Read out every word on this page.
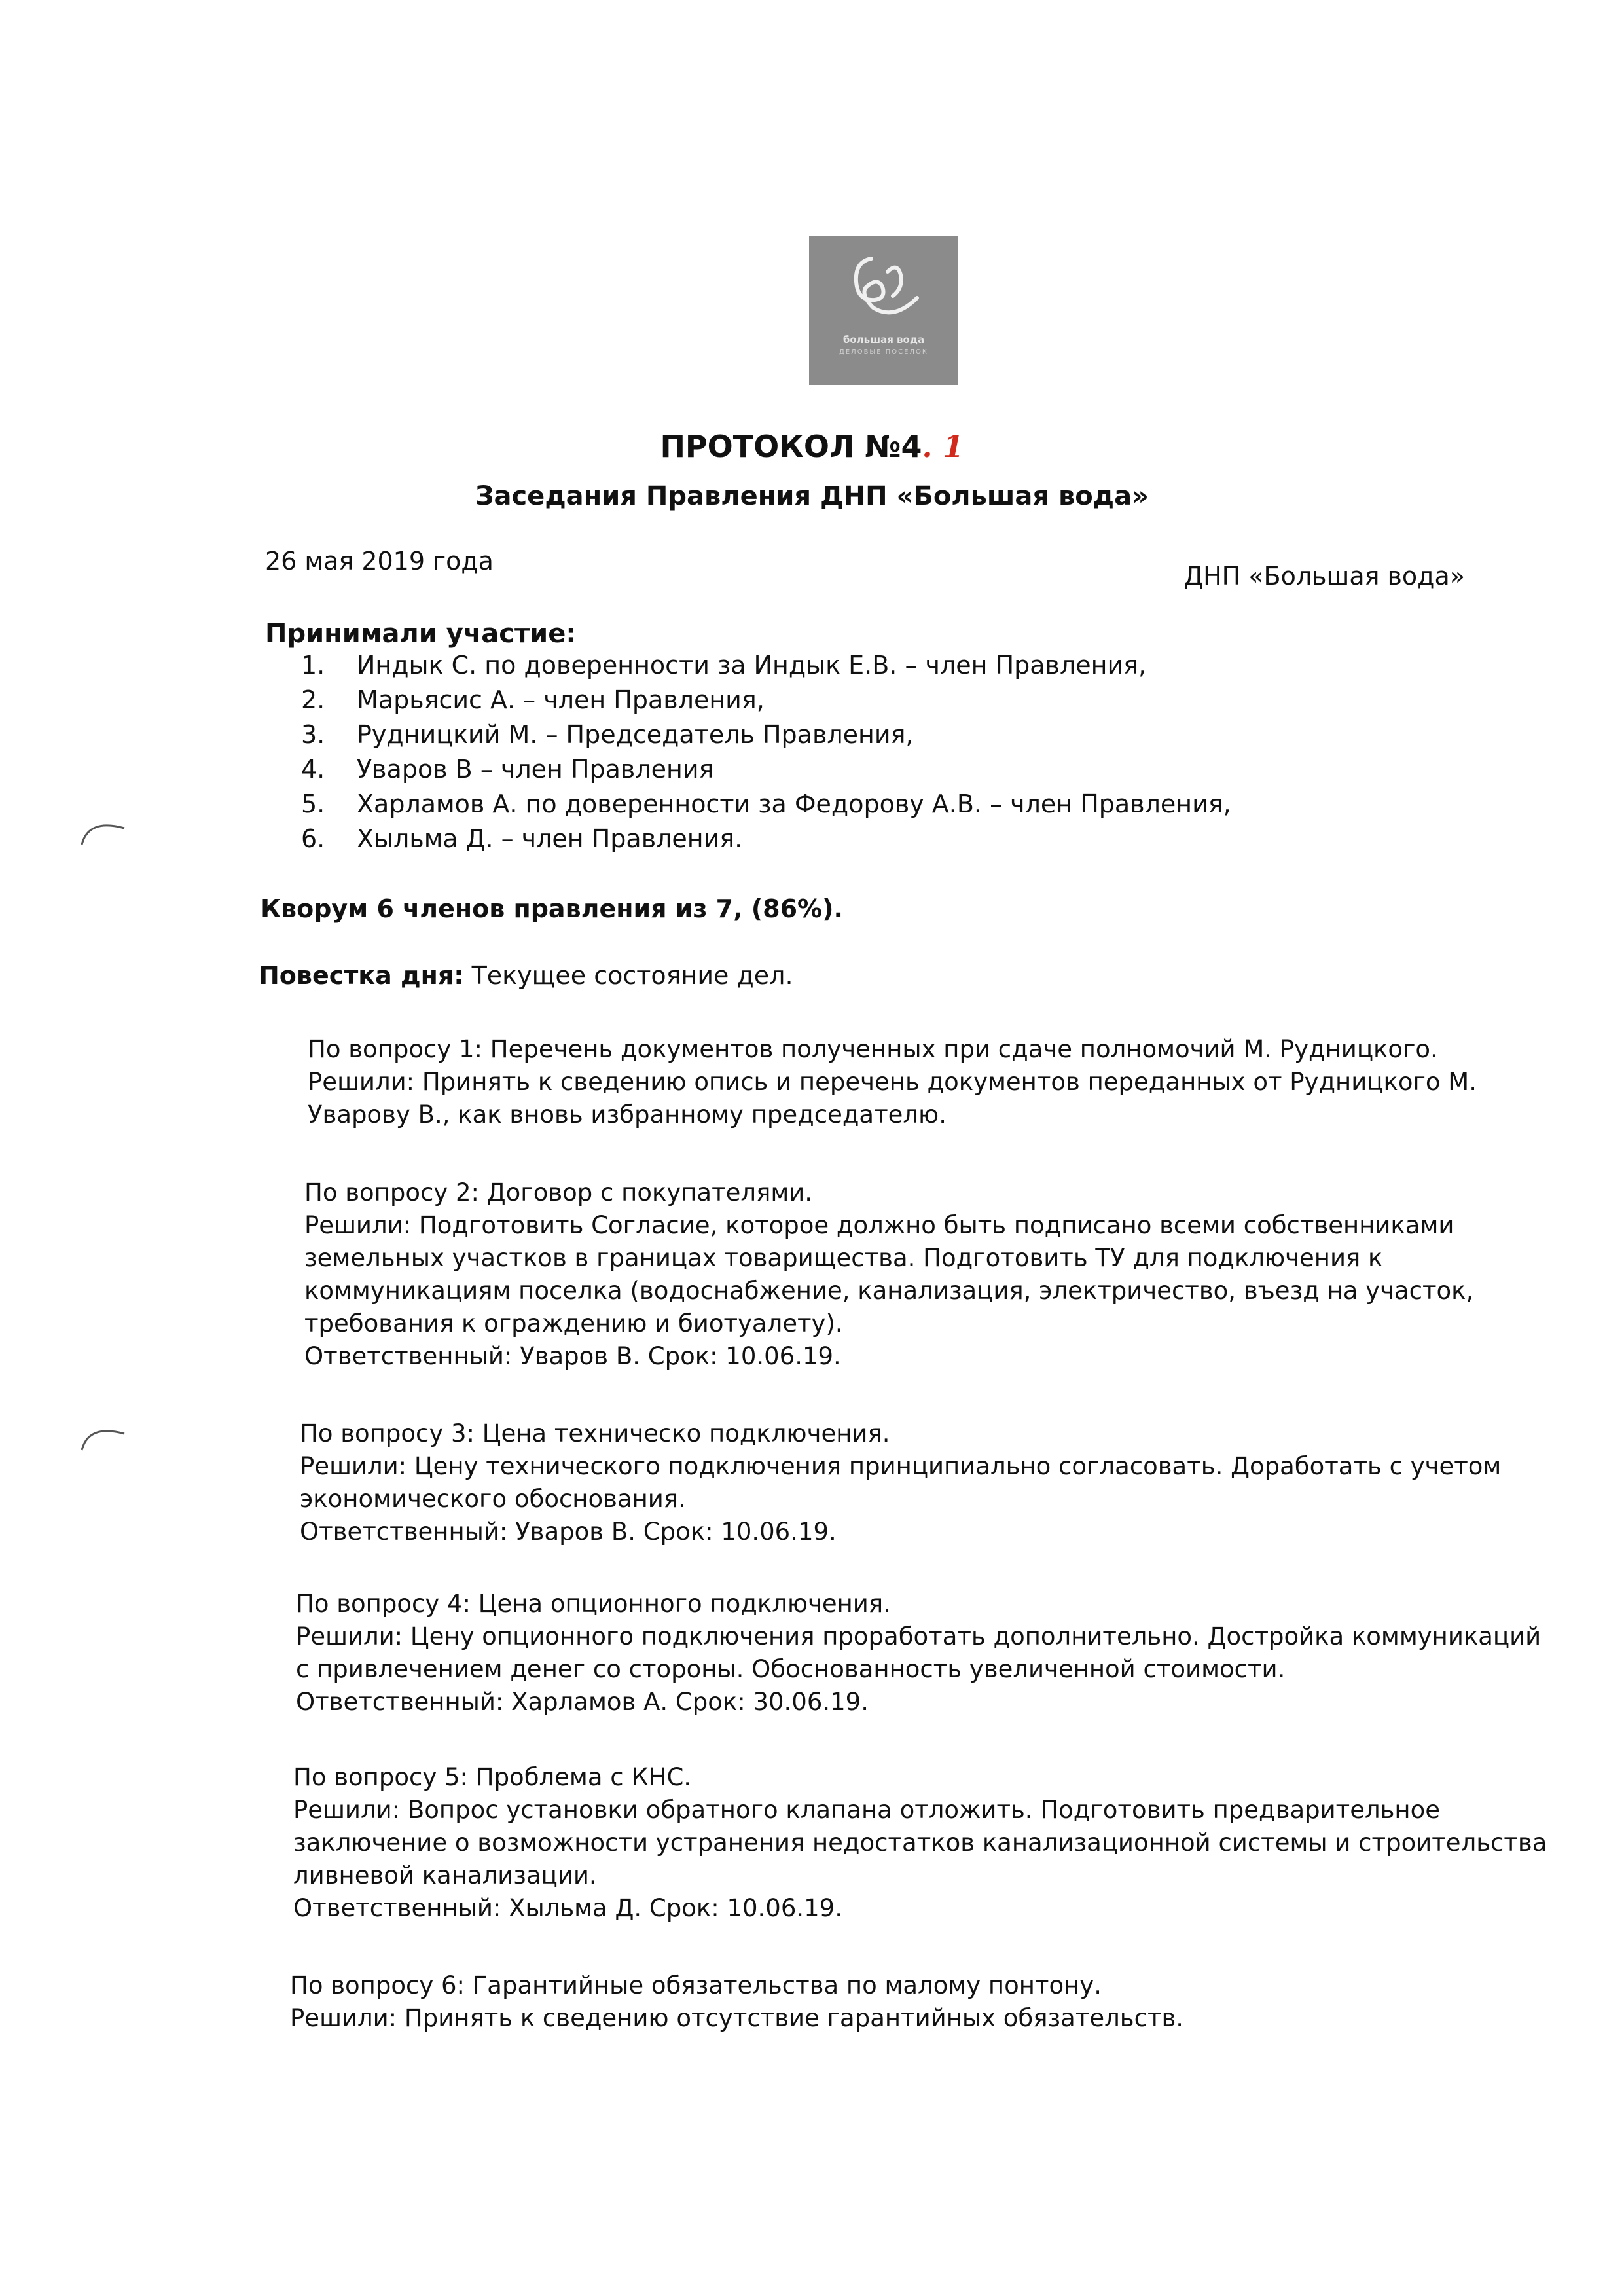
большая вода
ДЕЛОВЫЕ ПОСЕЛОК
ПРОТОКОЛ №4. 1
Заседания Правления ДНП «Большая вода»
26 мая 2019 года
ДНП «Большая вода»
Принимали участие:
1. Индык С. по доверенности за Индык Е.В. – член Правления,
2. Марьясис А. – член Правления,
3. Рудницкий М. – Председатель Правления,
4. Уваров В – член Правления
5. Харламов А. по доверенности за Федорову А.В. – член Правления,
6. Хыльма Д. – член Правления.
Кворум 6 членов правления из 7, (86%).
Повестка дня: Текущее состояние дел.
По вопросу 1: Перечень документов полученных при сдаче полномочий М. Рудницкого.
Решили: Принять к сведению опись и перечень документов переданных от Рудницкого М.
Уварову В., как вновь избранному председателю.
По вопросу 2: Договор с покупателями.
Решили: Подготовить Согласие, которое должно быть подписано всеми собственниками
земельных участков в границах товарищества. Подготовить ТУ для подключения к
коммуникациям поселка (водоснабжение, канализация, электричество, въезд на участок,
требования к ограждению и биотуалету).
Ответственный: Уваров В. Срок: 10.06.19.
По вопросу 3: Цена техническо подключения.
Решили: Цену технического подключения принципиально согласовать. Доработать с учетом
экономического обоснования.
Ответственный: Уваров В. Срок: 10.06.19.
По вопросу 4: Цена опционного подключения.
Решили: Цену опционного подключения проработать дополнительно. Достройка коммуникаций
с привлечением денег со стороны. Обоснованность увеличенной стоимости.
Ответственный: Харламов А. Срок: 30.06.19.
По вопросу 5: Проблема с КНС.
Решили: Вопрос установки обратного клапана отложить. Подготовить предварительное
заключение о возможности устранения недостатков канализационной системы и строительства
ливневой канализации.
Ответственный: Хыльма Д. Срок: 10.06.19.
По вопросу 6: Гарантийные обязательства по малому понтону.
Решили: Принять к сведению отсутствие гарантийных обязательств.
